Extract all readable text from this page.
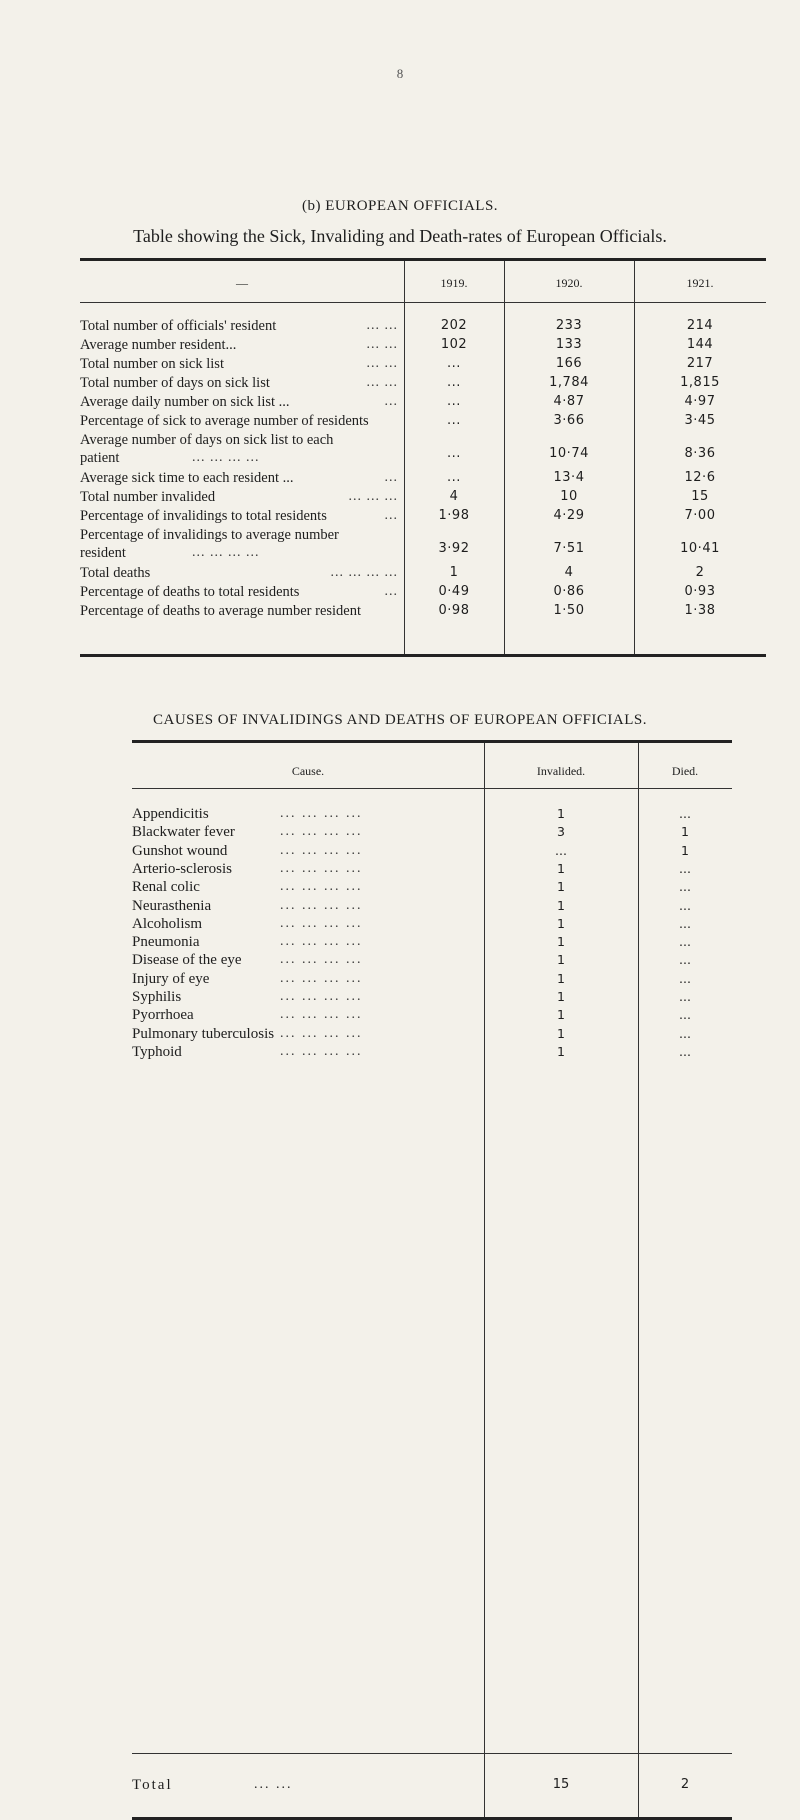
8
(b) EUROPEAN OFFICIALS.
Table showing the Sick, Invaliding and Death-rates of European Officials.
—	1919.	1920.	1921.
Total number of officials' resident	... ...	202	233	214
Average number resident...	... ...	102	133	144
Total number on sick list	... ...	...	166	217
Total number of days on sick list	... ...	...	1,784	1,815
Average daily number on sick list ...	...	...	4·87	4·97
Percentage of sick to average number of residents	...	3·66	3·45
Average number of days on sick list to each
patient	... ... ... ...	...	10·74	8·36
Average sick time to each resident ...	...	...	13·4	12·6
Total number invalided	... ... ...	4	10	15
Percentage of invalidings to total residents	...	1·98	4·29	7·00
Percentage of invalidings to average number
resident	... ... ... ...	3·92	7·51	10·41
Total deaths	... ... ... ...	1	4	2
Percentage of deaths to total residents	...	0·49	0·86	0·93
Percentage of deaths to average number resident	0·98	1·50	1·38
CAUSES OF INVALIDINGS AND DEATHS OF EUROPEAN OFFICIALS.
Cause.	Invalided.	Died.
Appendicitis	... ... ... ...	1	...
Blackwater fever	... ... ... ...	3	1
Gunshot wound	... ... ... ...	...	1
Arterio-sclerosis	... ... ... ...	1	...
Renal colic	... ... ... ...	1	...
Neurasthenia	... ... ... ...	1	...
Alcoholism	... ... ... ...	1	...
Pneumonia	... ... ... ...	1	...
Disease of the eye	... ... ... ...	1	...
Injury of eye	... ... ... ...	1	...
Syphilis	... ... ... ...	1	...
Pyorrhoea	... ... ... ...	1	...
Pulmonary tuberculosis ... ... ... ...	1	...
Typhoid	... ... ... ...	1	...
Total	... ...	15	2
